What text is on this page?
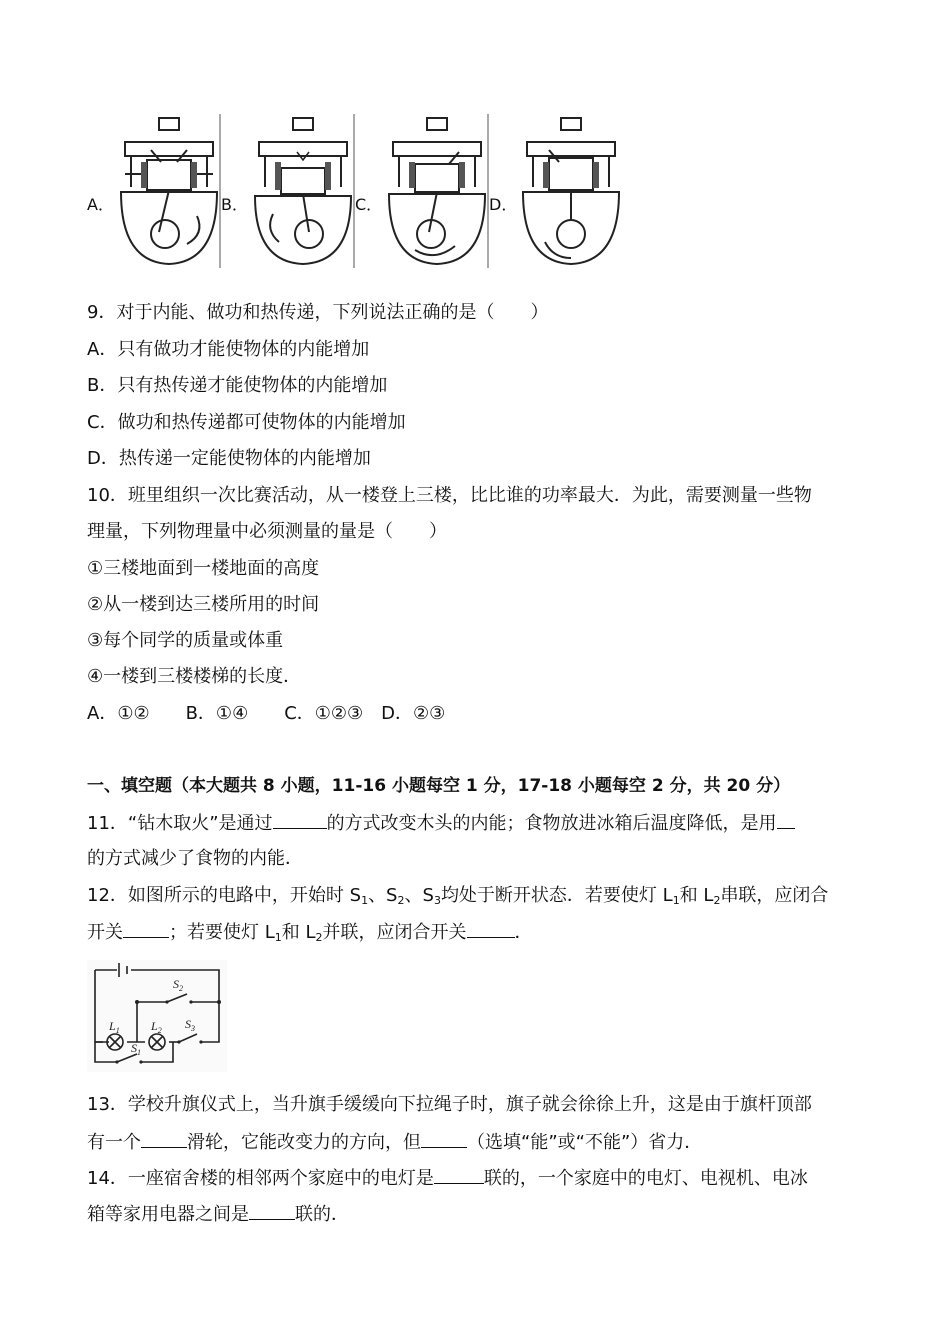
A．	B．	C．	D．
9．对于内能、做功和热传递，下列说法正确的是（　　）
A．只有做功才能使物体的内能增加
B．只有热传递才能使物体的内能增加
C．做功和热传递都可使物体的内能增加
D．热传递一定能使物体的内能增加
10．班里组织一次比赛活动，从一楼登上三楼，比比谁的功率最大．为此，需要测量一些物
理量，下列物理量中必须测量的量是（　　）
①三楼地面到一楼地面的高度
②从一楼到达三楼所用的时间
③每个同学的质量或体重
④一楼到三楼楼梯的长度．
A．①②　　B．①④　　C．①②③　D．②③
一、填空题（本大题共 8 小题，11-16 小题每空 1 分，17-18 小题每空 2 分，共 20 分）
11．“钻木取火”是通过	的方式改变木头的内能；食物放进冰箱后温度降低，是用
的方式减少了食物的内能．
12．如图所示的电路中，开始时 $S_1$、$S_2$、$S_3$均处于断开状态．若要使灯 $L_1$和 $L_2$串联，应闭合
开关	；若要使灯 $L_1$和 $L_2$并联，应闭合开关	．
$S_2$
$S_3$
$S_1$
$L_1$	$L_2$
13．学校升旗仪式上，当升旗手缓缓向下拉绳子时，旗子就会徐徐上升，这是由于旗杆顶部
有一个	滑轮，它能改变力的方向，但	（选填“能”或“不能”）省力．
14．一座宿舍楼的相邻两个家庭中的电灯是	联的，一个家庭中的电灯、电视机、电冰
箱等家用电器之间是	联的．
